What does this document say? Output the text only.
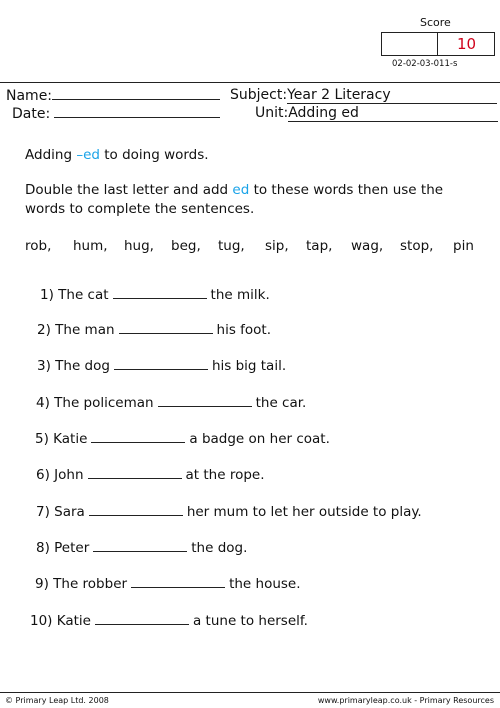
Score
10
02-02-03-011-s
Name:
Date:
Subject:Year 2 Literacy
Unit:Adding ed
Adding –ed to doing words.
Double the last letter and add ed to these words then use the
words to complete the sentences.
rob, hum, hug, beg, tug, sip, tap, wag, stop, pin
1) The cat	the milk.
2) The man	his foot.
3) The dog	his big tail.
4) The policeman	the car.
5) Katie	a badge on her coat.
6) John	at the rope.
7) Sara	her mum to let her outside to play.
8) Peter	the dog.
9) The robber	the house.
10) Katie	a tune to herself.
© Primary Leap Ltd. 2008	www.primaryleap.co.uk - Primary Resources
